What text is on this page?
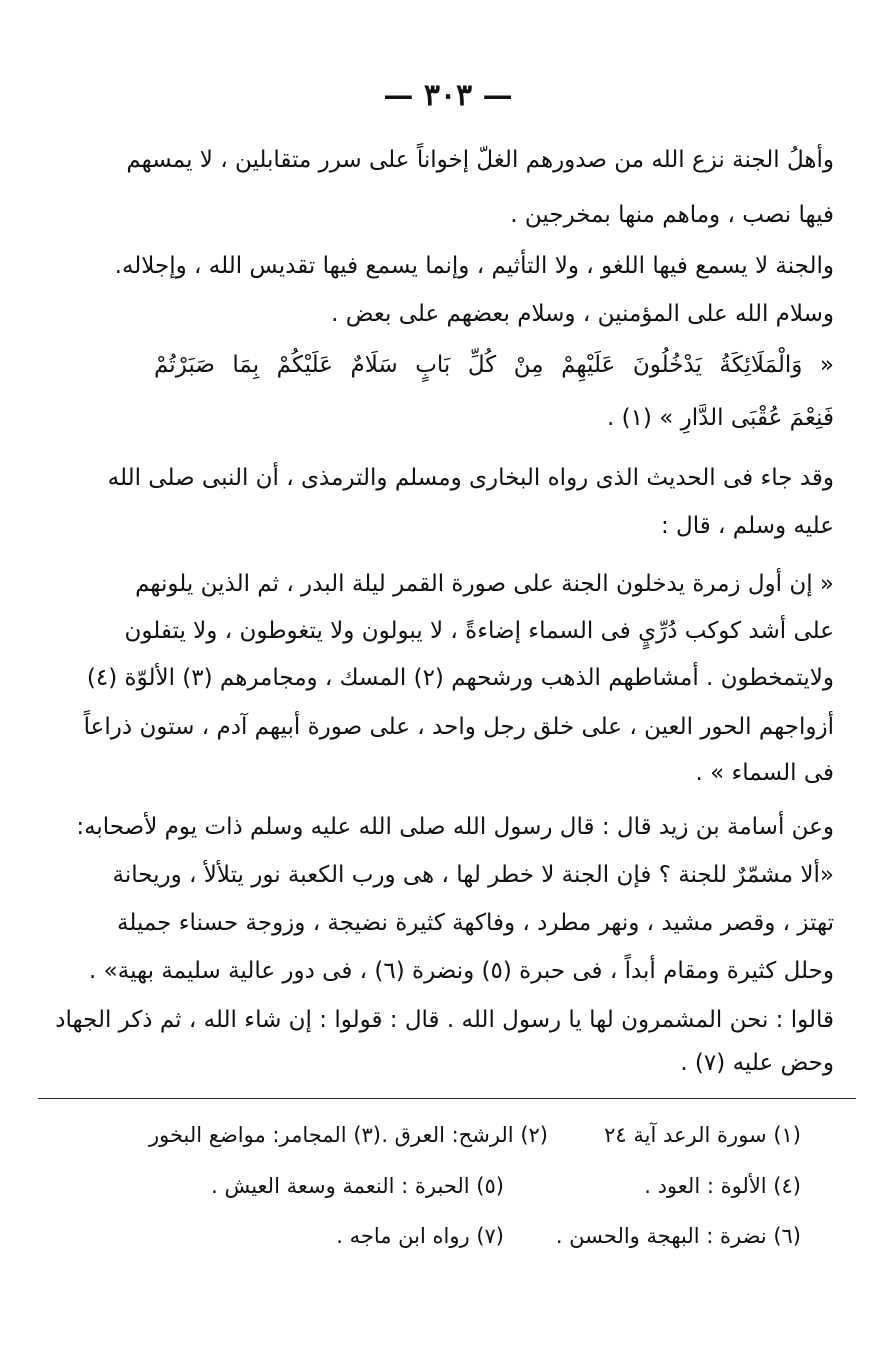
— ٣٠٣ —
وأهلُ الجنة نزع الله من صدورهم الغلّ إخواناً على سرر متقابلين ، لا يمسهم
فيها نصب ، وماهم منها بمخرجين .
والجنة لا يسمع فيها اللغو ، ولا التأثيم ، وإنما يسمع فيها تقديس الله ، وإجلاله.
وسلام الله على المؤمنين ، وسلام بعضهم على بعض .
« وَالْمَلَائِكَةُ يَدْخُلُونَ عَلَيْهِمْ مِنْ كُلِّ بَابٍ سَلَامٌ عَلَيْكُمْ بِمَا صَبَرْتُمْ
فَنِعْمَ عُقْبَى الدَّارِ » (١) .
وقد جاء فى الحديث الذى رواه البخارى ومسلم والترمذى ، أن النبى صلى الله
عليه وسلم ، قال :
« إن أول زمرة يدخلون الجنة على صورة القمر ليلة البدر ، ثم الذين يلونهم
على أشد كوكب دُرِّيٍ فى السماء إضاءةً ، لا يبولون ولا يتغوطون ، ولا يتفلون
ولايتمخطون . أمشاطهم الذهب ورشحهم (٢) المسك ، ومجامرهم (٣) الألوّة (٤)
أزواجهم الحور العين ، على خلق رجل واحد ، على صورة أبيهم آدم ، ستون ذراعاً
فى السماء » .
وعن أسامة بن زيد قال : قال رسول الله صلى الله عليه وسلم ذات يوم لأصحابه:
«ألا مشمّرٌ للجنة ؟ فإن الجنة لا خطر لها ، هى ورب الكعبة نور يتلألأ ، وريحانة
تهتز ، وقصر مشيد ، ونهر مطرد ، وفاكهة كثيرة نضيجة ، وزوجة حسناء جميلة
وحلل كثيرة ومقام أبداً ، فى حبرة (٥) ونضرة (٦) ، فى دور عالية سليمة بهية» .
قالوا : نحن المشمرون لها يا رسول الله . قال : قولوا : إن شاء الله ، ثم ذكر الجهاد
وحض عليه (٧) .
(١) سورة الرعد آية ٢٤
(٢) الرشح: العرق .
(٣) المجامر: مواضع البخور
(٤) الألوة : العود .
(٥) الحبرة : النعمة وسعة العيش .
(٦) نضرة : البهجة والحسن .
(٧) رواه ابن ماجه .
